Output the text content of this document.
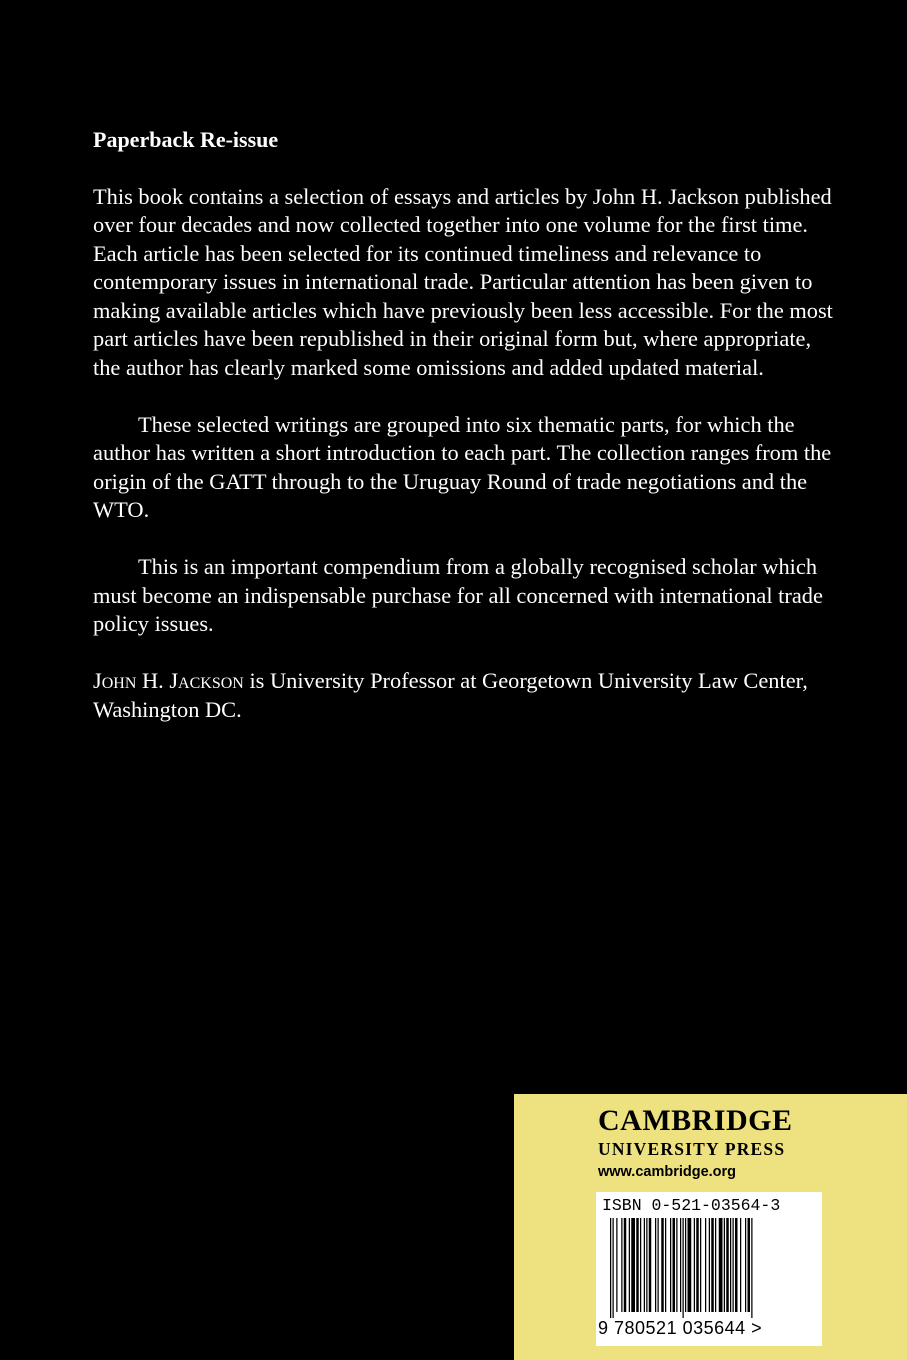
Paperback Re-issue

This book contains a selection of essays and articles by John H. Jackson published over four decades and now collected together into one volume for the first time. Each article has been selected for its continued timeliness and relevance to contemporary issues in international trade. Particular attention has been given to making available articles which have previously been less accessible. For the most part articles have been republished in their original form but, where appropriate, the author has clearly marked some omissions and added updated material.

These selected writings are grouped into six thematic parts, for which the author has written a short introduction to each part. The collection ranges from the origin of the GATT through to the Uruguay Round of trade negotiations and the WTO.

This is an important compendium from a globally recognised scholar which must become an indispensable purchase for all concerned with international trade policy issues.

John H. Jackson is University Professor at Georgetown University Law Center, Washington DC.

CAMBRIDGE
UNIVERSITY PRESS
www.cambridge.org
ISBN 0-521-03564-3
9 780521 035644 >
